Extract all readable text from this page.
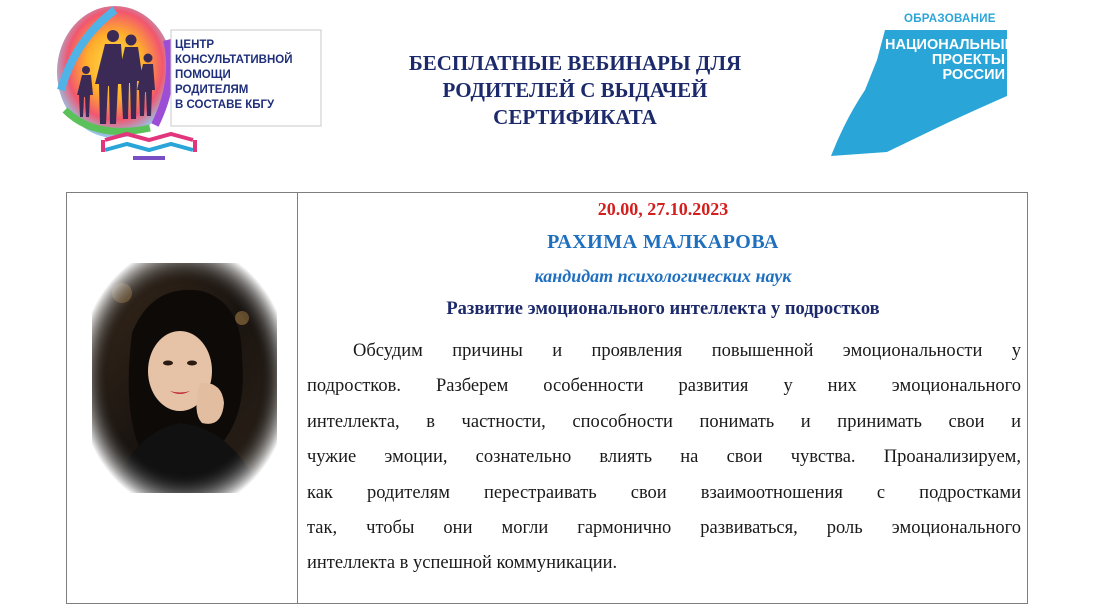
ЦЕНТР
КОНСУЛЬТАТИВНОЙ
ПОМОЩИ
РОДИТЕЛЯМ
В СОСТАВЕ КБГУ
БЕСПЛАТНЫЕ ВЕБИНАРЫ ДЛЯ
РОДИТЕЛЕЙ С ВЫДАЧЕЙ
СЕРТИФИКАТА
ОБРАЗОВАНИЕ
НАЦИОНАЛЬНЫЕ
ПРОЕКТЫ
РОССИИ
20.00, 27.10.2023
РАХИМА МАЛКАРОВА
кандидат психологических наук
Развитие эмоционального интеллекта у подростков
Обсудим причины и проявления повышенной эмоциональности у
подростков. Разберем особенности развития у них эмоционального
интеллекта, в частности, способности понимать и принимать свои и
чужие эмоции, сознательно влиять на свои чувства. Проанализируем,
как родителям перестраивать свои взаимоотношения с подростками
так, чтобы они могли гармонично развиваться, роль эмоционального
интеллекта в успешной коммуникации.
